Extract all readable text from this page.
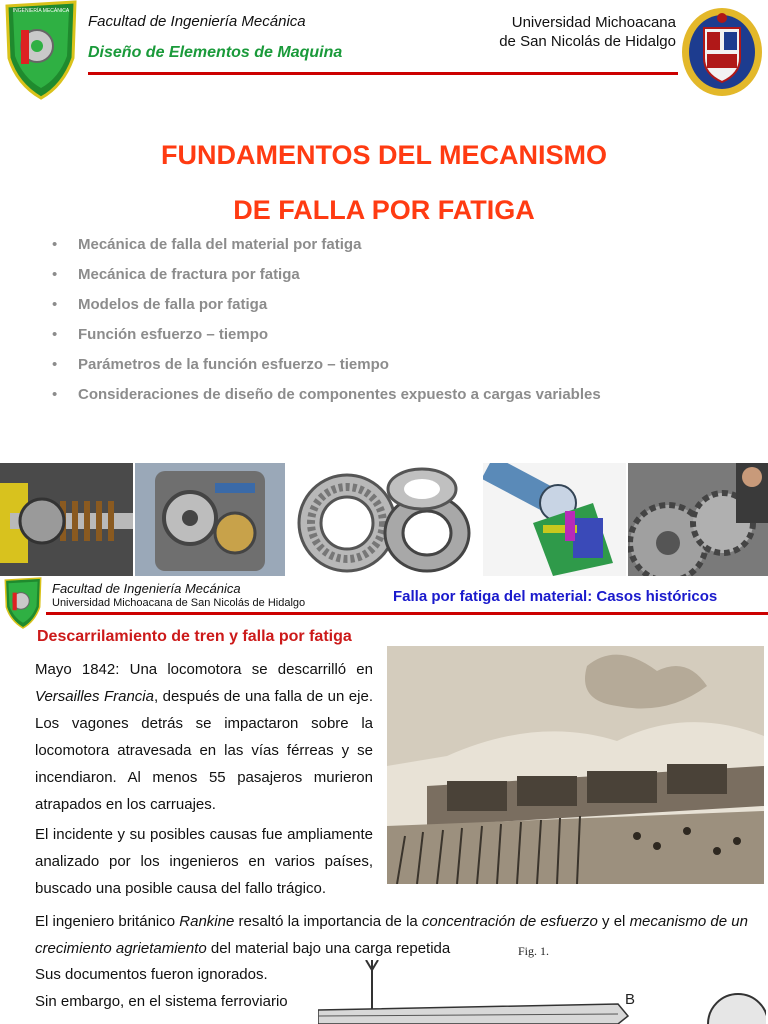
INGENIERÍA MECÁNICA
Facultad de Ingeniería Mecánica
Diseño de Elementos de Maquina
Universidad Michoacana
de San Nicolás de Hidalgo
FUNDAMENTOS DEL MECANISMO
DE FALLA POR FATIGA
• Mecánica de falla del material por fatiga
• Mecánica de fractura por fatiga
• Modelos de falla por fatiga
• Función esfuerzo – tiempo
• Parámetros de la función esfuerzo – tiempo
• Consideraciones de diseño de componentes expuesto a cargas variables
Facultad de Ingeniería Mecánica
Universidad Michoacana de San Nicolás de Hidalgo	Falla por fatiga del material: Casos históricos
Descarrilamiento de tren y falla por fatiga
Mayo 1842: Una locomotora se descarrilló en Versailles Francia, después de una falla de un eje. Los vagones detrás se impactaron sobre la locomotora atravesada en las vías férreas y se incendiaron. Al menos 55 pasajeros murieron atrapados en los carruajes.
El incidente y su posibles causas fue ampliamente analizado por los ingenieros en varios países, buscado una posible causa del fallo trágico.
El ingeniero británico Rankine resaltó la importancia de la concentración de esfuerzo y el mecanismo de un crecimiento agrietamiento del material bajo una carga repetida
Sus documentos fueron ignorados.
Sin embargo, en el sistema ferroviario
Fig. 1.
B
